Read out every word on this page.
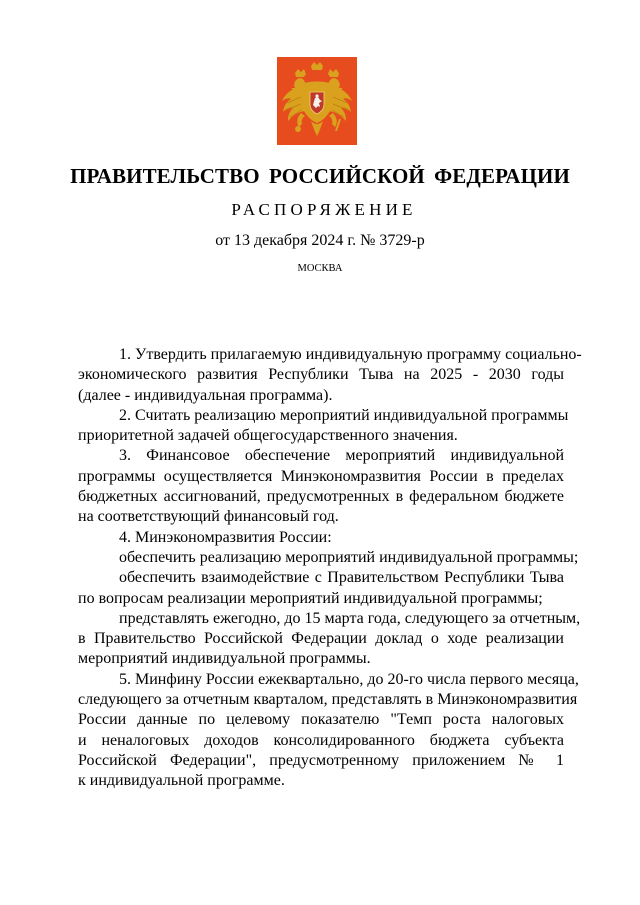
ПРАВИТЕЛЬСТВО РОССИЙСКОЙ ФЕДЕРАЦИИ
РАСПОРЯЖЕНИЕ
от 13 декабря 2024 г. № 3729-р
МОСКВА
1. Утвердить прилагаемую индивидуальную программу социально-
экономического развития Республики Тыва на 2025 - 2030 годы
(далее - индивидуальная программа).
2. Считать реализацию мероприятий индивидуальной программы
приоритетной задачей общегосударственного значения.
3. Финансовое обеспечение мероприятий индивидуальной
программы осуществляется Минэкономразвития России в пределах
бюджетных ассигнований, предусмотренных в федеральном бюджете
на соответствующий финансовый год.
4. Минэкономразвития России:
обеспечить реализацию мероприятий индивидуальной программы;
обеспечить взаимодействие с Правительством Республики Тыва
по вопросам реализации мероприятий индивидуальной программы;
представлять ежегодно, до 15 марта года, следующего за отчетным,
в Правительство Российской Федерации доклад о ходе реализации
мероприятий индивидуальной программы.
5. Минфину России ежеквартально, до 20-го числа первого месяца,
следующего за отчетным кварталом, представлять в Минэкономразвития
России данные по целевому показателю "Темп роста налоговых
и неналоговых доходов консолидированного бюджета субъекта
Российской Федерации", предусмотренному приложением № 1
к индивидуальной программе.
